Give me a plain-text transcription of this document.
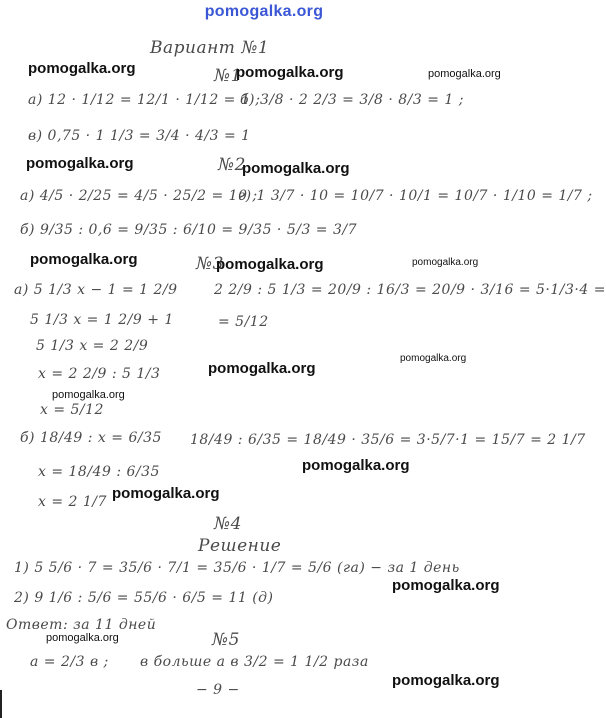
pomogalka.org
Вариант №1
№1
pomogalka.org	pomogalka.org	pomogalka.org
а) 12 · 1/12 = 12/1 · 1/12 = 1 ;
б) 3/8 · 2 2/3 = 3/8 · 8/3 = 1 ;
в) 0,75 · 1 1/3 = 3/4 · 4/3 = 1
pomogalka.org	№2
pomogalka.org
а) 4/5 · 2/25 = 4/5 · 25/2 = 10 ;
г) 1 3/7 · 10 = 10/7 · 10/1 = 10/7 · 1/10 = 1/7 ;
б) 9/35 : 0,6 = 9/35 : 6/10 = 9/35 · 5/3 = 3/7
pomogalka.org	№3
pomogalka.org	pomogalka.org
а) 5 1/3 x − 1 = 1 2/9	2 2/9 : 5 1/3 = 20/9 : 16/3 = 20/9 · 3/16 = 5·1/3·4 =
5 1/3 x = 1 2/9 + 1	= 5/12
5 1/3 x = 2 2/9
pomogalka.org
x = 2 2/9 : 5 1/3	pomogalka.org
pomogalka.org
x = 5/12
б) 18/49 : x = 6/35 18/49 : 6/35 = 18/49 · 35/6 = 3·5/7·1 = 15/7 = 2 1/7
pomogalka.org
x = 18/49 : 6/35
pomogalka.org
x = 2 1/7
№4
Решение
1) 5 5/6 · 7 = 35/6 · 7/1 = 35/6 · 1/7 = 5/6 (га) − за 1 день
pomogalka.org
2) 9 1/6 : 5/6 = 55/6 · 6/5 = 11 (д)
Ответ: за 11 дней
pomogalka.org	№5
а = 2/3 в ; в больше а в 3/2 = 1 1/2 раза
pomogalka.org
− 9 −
